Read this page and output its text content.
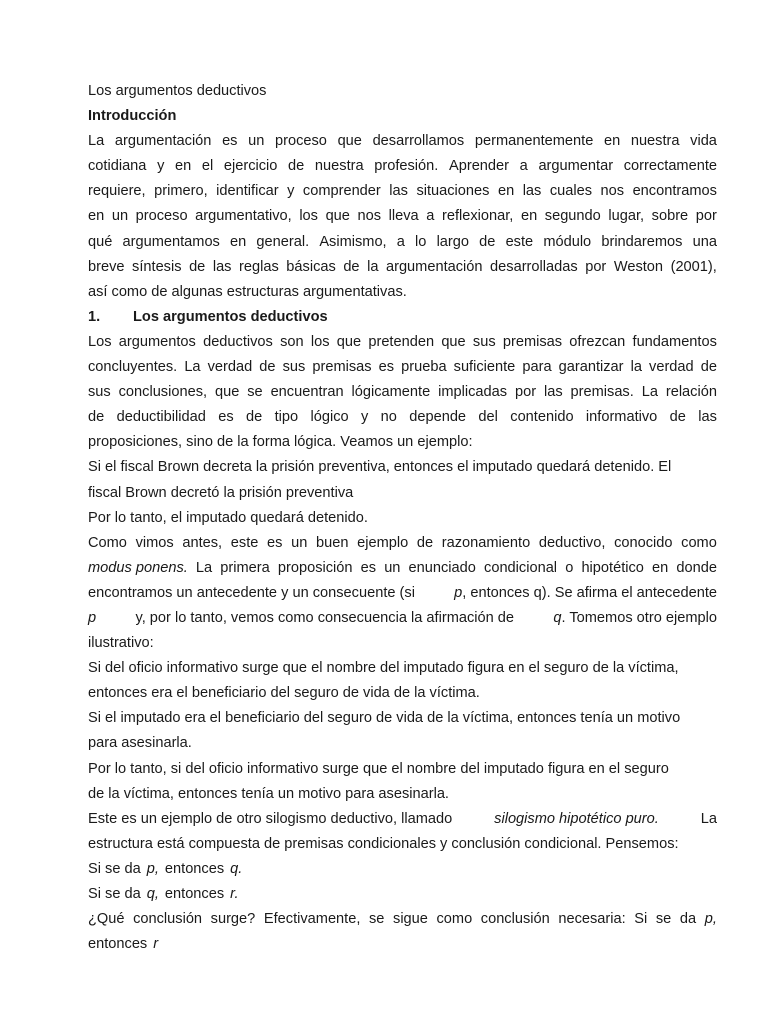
Los argumentos deductivos
Introducción
La argumentación es un proceso que desarrollamos permanentemente en nuestra vida
cotidiana y en el ejercicio de nuestra profesión. Aprender a argumentar correctamente
requiere, primero, identificar y comprender las situaciones en las cuales nos encontramos
en un proceso argumentativo, los que nos lleva a reflexionar, en segundo lugar, sobre por
qué argumentamos en general. Asimismo, a lo largo de este módulo brindaremos una
breve síntesis de las reglas básicas de la argumentación desarrolladas por Weston (2001),
así como de algunas estructuras argumentativas.
1. Los argumentos deductivos
Los argumentos deductivos son los que pretenden que sus premisas ofrezcan fundamentos
concluyentes. La verdad de sus premisas es prueba suficiente para garantizar la verdad de
sus conclusiones, que se encuentran lógicamente implicadas por las premisas. La relación
de deductibilidad es de tipo lógico y no depende del contenido informativo de las
proposiciones, sino de la forma lógica. Veamos un ejemplo:
Si el fiscal Brown decreta la prisión preventiva, entonces el imputado quedará detenido. El
fiscal Brown decretó la prisión preventiva
Por lo tanto, el imputado quedará detenido.
Como vimos antes, este es un buen ejemplo de razonamiento deductivo, conocido como
modus ponens. La primera proposición es un enunciado condicional o hipotético en donde
encontramos un antecedente y un consecuente (si	p, entonces q). Se afirma el antecedente
p	y, por lo tanto, vemos como consecuencia la afirmación de	q. Tomemos otro ejemplo
ilustrativo:
Si del oficio informativo surge que el nombre del imputado figura en el seguro de la víctima,
entonces era el beneficiario del seguro de vida de la víctima.
Si el imputado era el beneficiario del seguro de vida de la víctima, entonces tenía un motivo
para asesinarla.
Por lo tanto, si del oficio informativo surge que el nombre del imputado figura en el seguro
de la víctima, entonces tenía un motivo para asesinarla.
Este es un ejemplo de otro silogismo deductivo, llamado	silogismo hipotético puro.	La
estructura está compuesta de premisas condicionales y conclusión condicional. Pensemos:
Si se da p, entonces q.
Si se da q, entonces r.
¿Qué conclusión surge? Efectivamente, se sigue como conclusión necesaria: Si se da p,
entonces r
